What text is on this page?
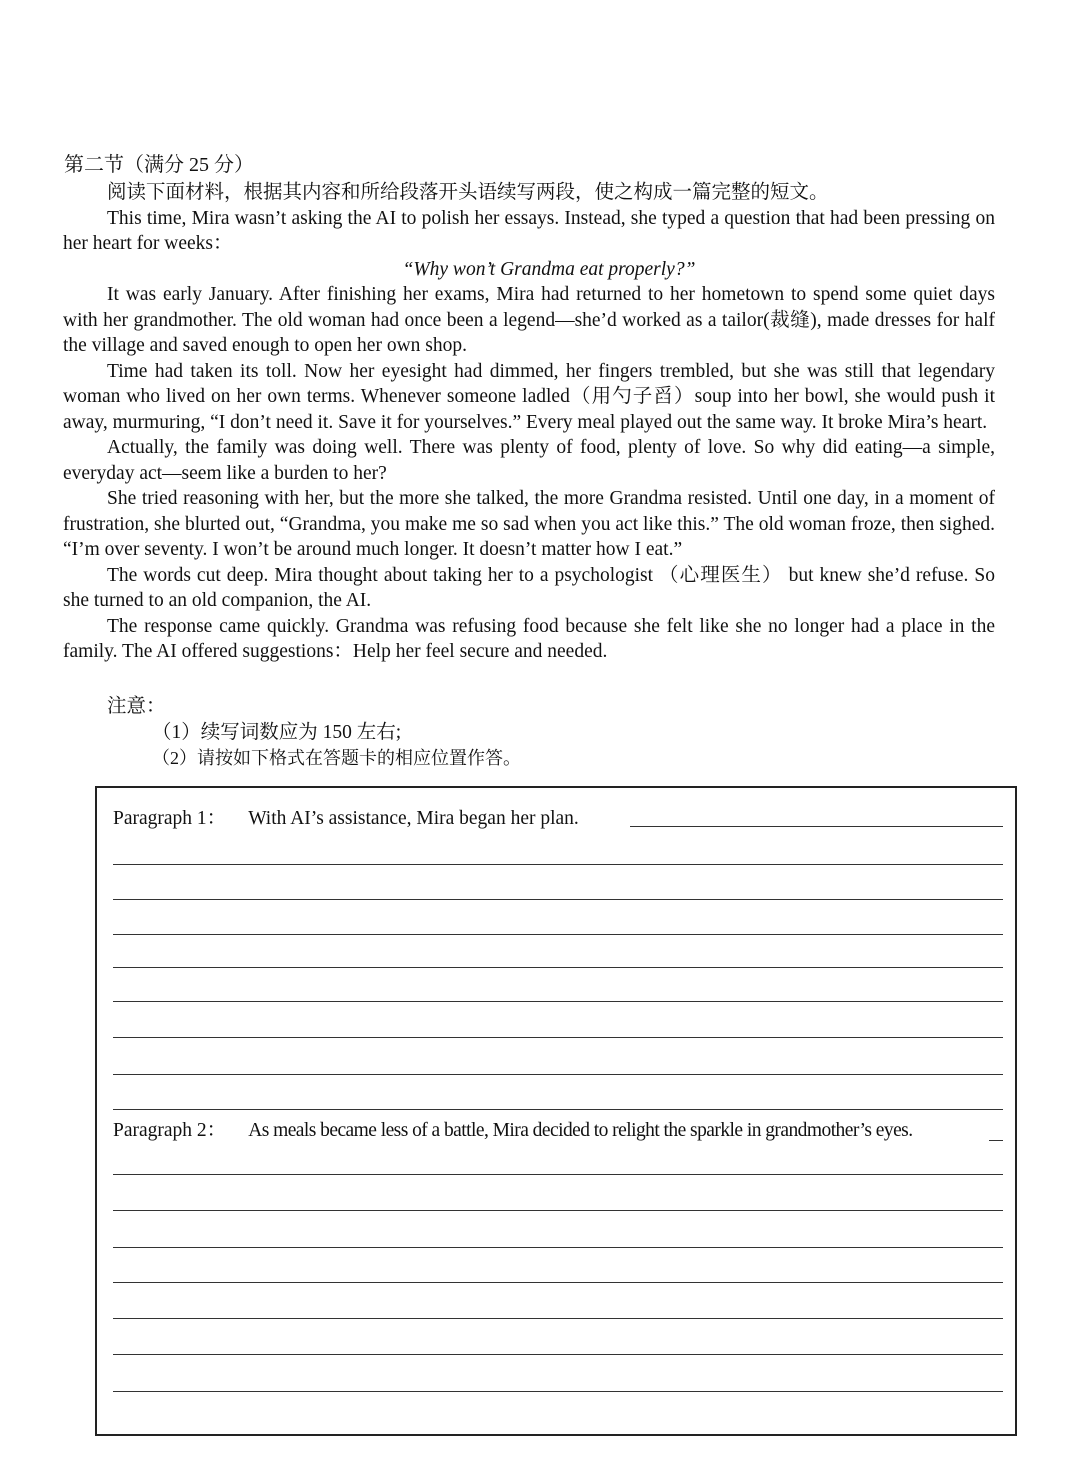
第二节（满分 25 分）

阅读下面材料，根据其内容和所给段落开头语续写两段，使之构成一篇完整的短文。

This time, Mira wasn’t asking the AI to polish her essays. Instead, she typed a question that had been pressing on her heart for weeks：

“Why won’t Grandma eat properly?”

It was early January. After finishing her exams, Mira had returned to her hometown to spend some quiet days with her grandmother. The old woman had once been a legend—she’d worked as a tailor(裁缝), made dresses for half the village and saved enough to open her own shop.

Time had taken its toll. Now her eyesight had dimmed, her fingers trembled, but she was still that legendary woman who lived on her own terms. Whenever someone ladled（用勺子舀）soup into her bowl, she would push it away, murmuring, “I don’t need it. Save it for yourselves.” Every meal played out the same way. It broke Mira’s heart.

Actually, the family was doing well. There was plenty of food, plenty of love. So why did eating—a simple, everyday act—seem like a burden to her?

She tried reasoning with her, but the more she talked, the more Grandma resisted. Until one day, in a moment of frustration, she blurted out, “Grandma, you make me so sad when you act like this.” The old woman froze, then sighed. “I’m over seventy. I won’t be around much longer. It doesn’t matter how I eat.”

The words cut deep. Mira thought about taking her to a psychologist （心理医生） but knew she’d refuse. So she turned to an old companion, the AI.

The response came quickly. Grandma was refusing food because she felt like she no longer had a place in the family. The AI offered suggestions：Help her feel secure and needed.

注意：
（1）续写词数应为 150 左右;
（2）请按如下格式在答题卡的相应位置作答。
Paragraph 1： With AI’s assistance, Mira began her plan.
Paragraph 2： As meals became less of a battle, Mira decided to relight the sparkle in grandmother’s eyes.
